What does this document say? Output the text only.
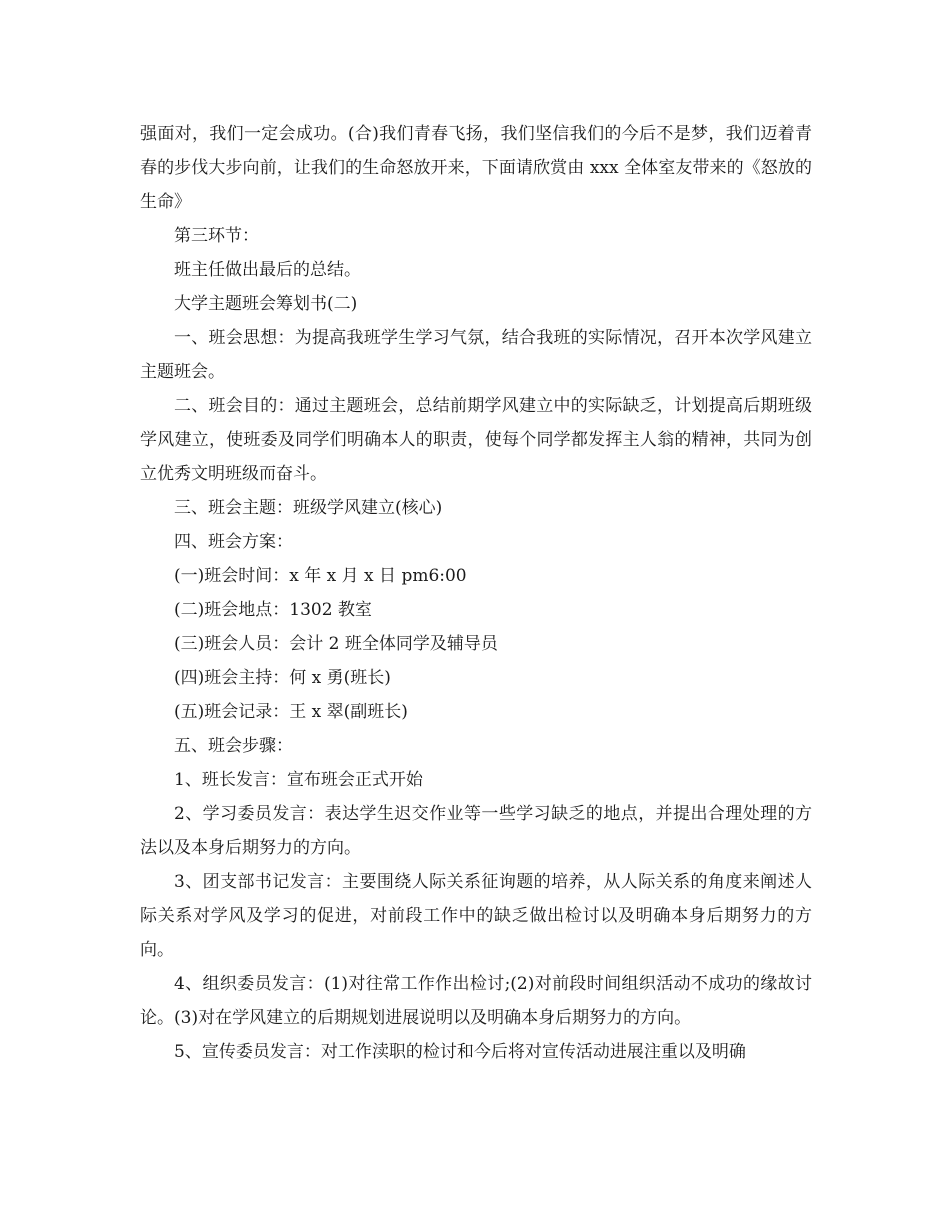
强面对，我们一定会成功。(合)我们青春飞扬，我们坚信我们的今后不是梦，我们迈着青春的步伐大步向前，让我们的生命怒放开来，下面请欣赏由 xxx 全体室友带来的《怒放的生命》

第三环节：

班主任做出最后的总结。

大学主题班会筹划书(二)

一、班会思想：为提高我班学生学习气氛，结合我班的实际情况，召开本次学风建立主题班会。

二、班会目的：通过主题班会，总结前期学风建立中的实际缺乏，计划提高后期班级学风建立，使班委及同学们明确本人的职责，使每个同学都发挥主人翁的精神，共同为创立优秀文明班级而奋斗。

三、班会主题：班级学风建立(核心)

四、班会方案：

(一)班会时间：x 年 x 月 x 日 pm6:00

(二)班会地点：1302 教室

(三)班会人员：会计 2 班全体同学及辅导员

(四)班会主持：何 x 勇(班长)

(五)班会记录：王 x 翠(副班长)

五、班会步骤：

1、班长发言：宣布班会正式开始

2、学习委员发言：表达学生迟交作业等一些学习缺乏的地点，并提出合理处理的方法以及本身后期努力的方向。

3、团支部书记发言：主要围绕人际关系征询题的培养，从人际关系的角度来阐述人际关系对学风及学习的促进，对前段工作中的缺乏做出检讨以及明确本身后期努力的方向。

4、组织委员发言：(1)对往常工作作出检讨;(2)对前段时间组织活动不成功的缘故讨论。(3)对在学风建立的后期规划进展说明以及明确本身后期努力的方向。

5、宣传委员发言：对工作渎职的检讨和今后将对宣传活动进展注重以及明确
